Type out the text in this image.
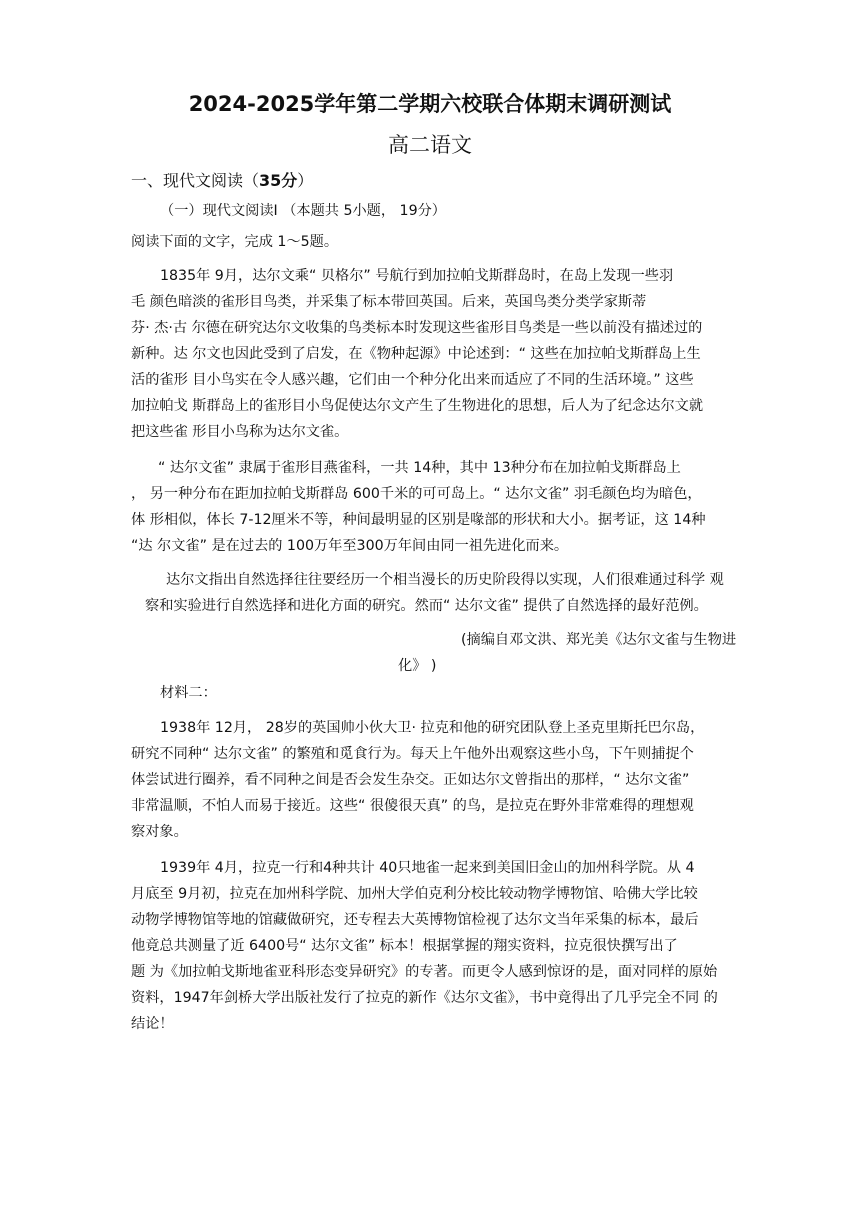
2024-2025学年第二学期六校联合体期末调研测试
高二语文
一、现代文阅读（35分）
（一）现代文阅读Ⅰ （本题共 5小题， 19分）
阅读下面的文字，完成 1～5题。
1835年 9月，达尔文乘“ 贝格尔” 号航行到加拉帕戈斯群岛时，在岛上发现一些羽
毛 颜色暗淡的雀形目鸟类，并采集了标本带回英国。后来，英国鸟类分类学家斯蒂
芬· 杰·古 尔德在研究达尔文收集的鸟类标本时发现这些雀形目鸟类是一些以前没有描述过的
新种。达 尔文也因此受到了启发，在《物种起源》中论述到：“ 这些在加拉帕戈斯群岛上生
活的雀形 目小鸟实在令人感兴趣，它们由一个种分化出来而适应了不同的生活环境。” 这些
加拉帕戈 斯群岛上的雀形目小鸟促使达尔文产生了生物进化的思想，后人为了纪念达尔文就
把这些雀 形目小鸟称为达尔文雀。
“ 达尔文雀” 隶属于雀形目燕雀科，一共 14种，其中 13种分布在加拉帕戈斯群岛上
， 另一种分布在距加拉帕戈斯群岛 600千米的可可岛上。“ 达尔文雀” 羽毛颜色均为暗色，
体 形相似，体长 7-12厘米不等，种间最明显的区别是喙部的形状和大小。据考证，这 14种
“达 尔文雀” 是在过去的 100万年至300万年间由同一祖先进化而来。
达尔文指出自然选择往往要经历一个相当漫长的历史阶段得以实现，人们很难通过科学 观
察和实验进行自然选择和进化方面的研究。然而“ 达尔文雀” 提供了自然选择的最好范例。
(摘编自邓文洪、郑光美《达尔文雀与生物进
化》 )
材料二：
1938年 12月， 28岁的英国帅小伙大卫· 拉克和他的研究团队登上圣克里斯托巴尔岛，
研究不同种“ 达尔文雀” 的繁殖和觅食行为。每天上午他外出观察这些小鸟，下午则捕捉个
体尝试进行圈养，看不同种之间是否会发生杂交。正如达尔文曾指出的那样，“ 达尔文雀”
非常温顺，不怕人而易于接近。这些“ 很傻很天真” 的鸟，是拉克在野外非常难得的理想观
察对象。
1939年 4月，拉克一行和4种共计 40只地雀一起来到美国旧金山的加州科学院。从 4
月底至 9月初，拉克在加州科学院、加州大学伯克利分校比较动物学博物馆、哈佛大学比较
动物学博物馆等地的馆藏做研究，还专程去大英博物馆检视了达尔文当年采集的标本，最后
他竟总共测量了近 6400号“ 达尔文雀” 标本！根据掌握的翔实资料，拉克很快撰写出了
题 为《加拉帕戈斯地雀亚科形态变异研究》的专著。而更令人感到惊讶的是，面对同样的原始
资料，1947年剑桥大学出版社发行了拉克的新作《达尔文雀》，书中竟得出了几乎完全不同 的
结论！
